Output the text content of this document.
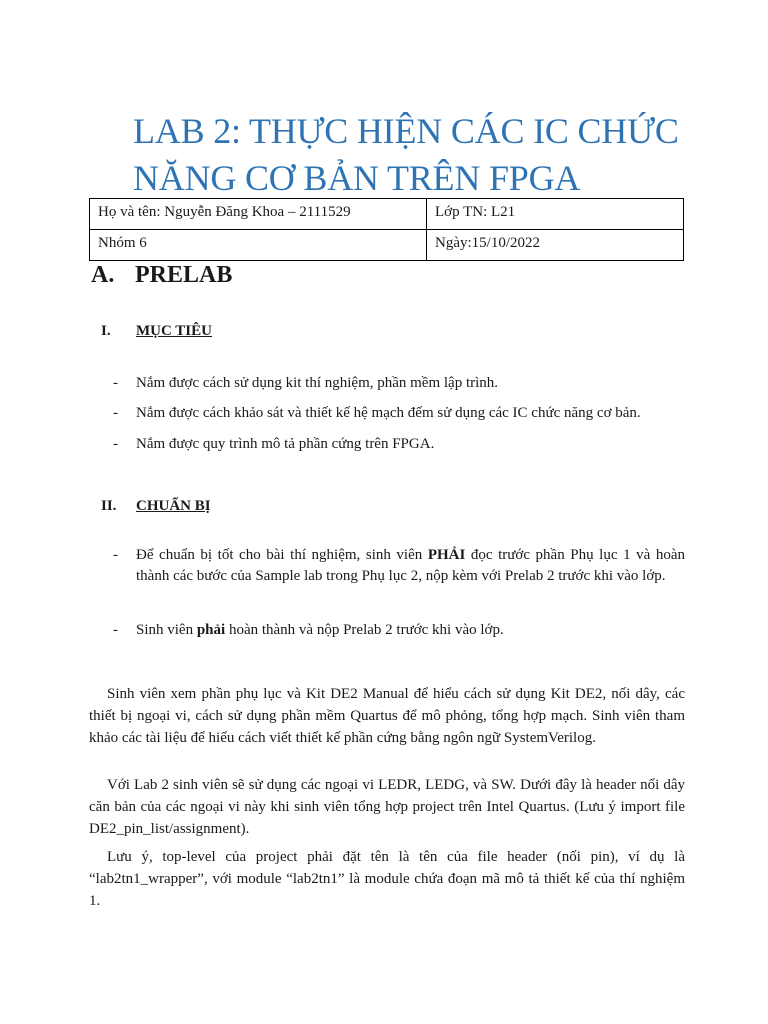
LAB 2: THỰC HIỆN CÁC IC CHỨC
NĂNG CƠ BẢN TRÊN FPGA
Họ và tên: Nguyễn Đăng Khoa – 2111529	Lớp TN: L21
Nhóm 6	Ngày:15/10/2022
A. PRELAB
I. MỤC TIÊU
- Nắm được cách sử dụng kit thí nghiệm, phần mềm lập trình.
- Nắm được cách khảo sát và thiết kế hệ mạch đếm sử dụng các IC chức năng cơ bản.
- Nắm được quy trình mô tả phần cứng trên FPGA.
II. CHUẨN BỊ
- Để chuẩn bị tốt cho bài thí nghiệm, sinh viên PHẢI đọc trước phần Phụ lục 1 và hoàn thành các bước của Sample lab trong Phụ lục 2, nộp kèm với Prelab 2 trước khi vào lớp.
- Sinh viên phải hoàn thành và nộp Prelab 2 trước khi vào lớp.
Sinh viên xem phần phụ lục và Kit DE2 Manual để hiểu cách sử dụng Kit DE2, nối dây, các thiết bị ngoại vi, cách sử dụng phần mềm Quartus để mô phỏng, tổng hợp mạch. Sinh viên tham khảo các tài liệu để hiểu cách viết thiết kế phần cứng bằng ngôn ngữ SystemVerilog.
Với Lab 2 sinh viên sẽ sử dụng các ngoại vi LEDR, LEDG, và SW. Dưới đây là header nối dây căn bản của các ngoại vi này khi sinh viên tổng hợp project trên Intel Quartus. (Lưu ý import file DE2_pin_list/assignment).
Lưu ý, top-level của project phải đặt tên là tên của file header (nối pin), ví dụ là “lab2tn1_wrapper”, với module “lab2tn1” là module chứa đoạn mã mô tả thiết kế của thí nghiệm 1.
